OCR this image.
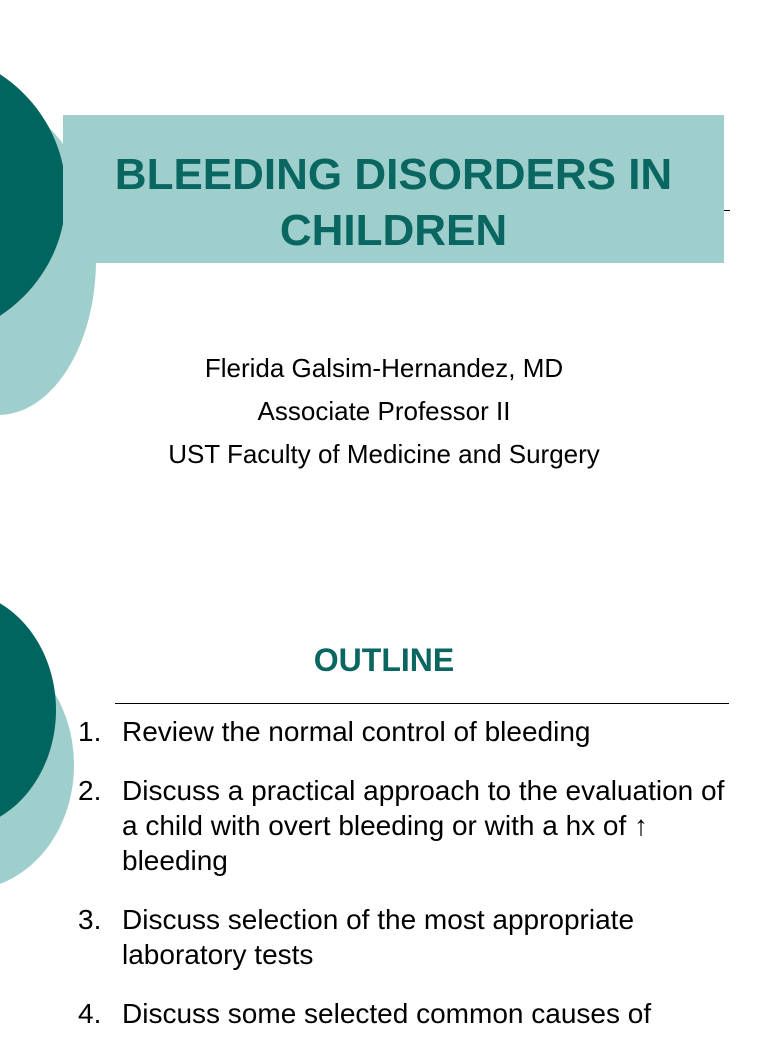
BLEEDING DISORDERS IN
CHILDREN
Flerida Galsim-Hernandez, MD
Associate Professor II
UST Faculty of Medicine and Surgery
OUTLINE
1. Review the normal control of bleeding
2. Discuss a practical approach to the evaluation of a child with overt bleeding or with a hx of ↑ bleeding
3. Discuss selection of the most appropriate laboratory tests
4. Discuss some selected common causes of
